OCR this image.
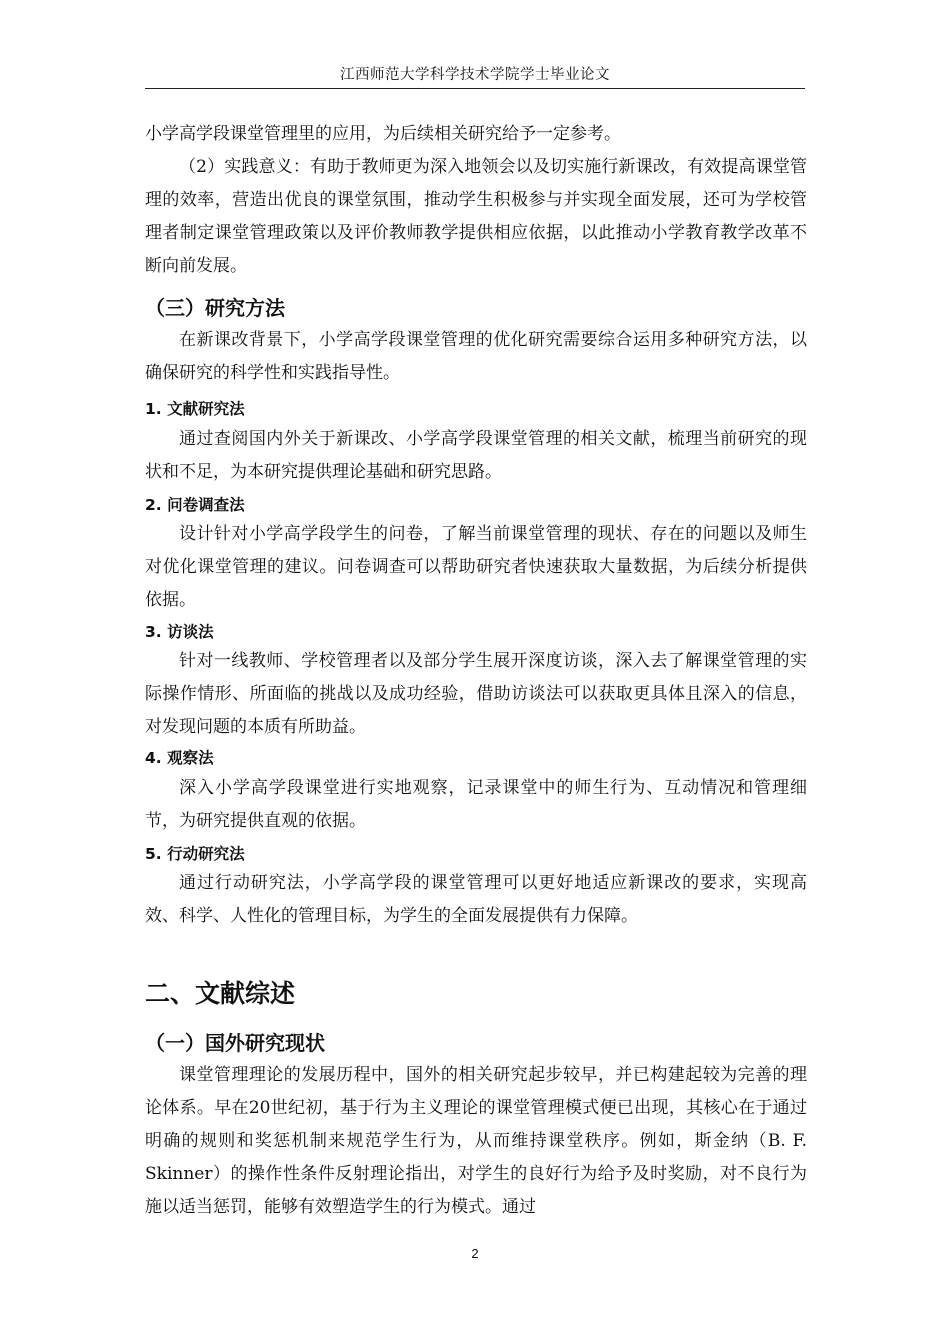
江西师范大学科学技术学院学士毕业论文

小学高学段课堂管理里的应用，为后续相关研究给予一定参考。

（2）实践意义：有助于教师更为深入地领会以及切实施行新课改，有效提高课堂管理的效率，营造出优良的课堂氛围，推动学生积极参与并实现全面发展，还可为学校管理者制定课堂管理政策以及评价教师教学提供相应依据，以此推动小学教育教学改革不断向前发展。

（三）研究方法

在新课改背景下，小学高学段课堂管理的优化研究需要综合运用多种研究方法，以确保研究的科学性和实践指导性。

1. 文献研究法

通过查阅国内外关于新课改、小学高学段课堂管理的相关文献，梳理当前研究的现状和不足，为本研究提供理论基础和研究思路。

2. 问卷调查法

设计针对小学高学段学生的问卷，了解当前课堂管理的现状、存在的问题以及师生对优化课堂管理的建议。问卷调查可以帮助研究者快速获取大量数据，为后续分析提供依据。

3. 访谈法

针对一线教师、学校管理者以及部分学生展开深度访谈，深入去了解课堂管理的实际操作情形、所面临的挑战以及成功经验，借助访谈法可以获取更具体且深入的信息，对发现问题的本质有所助益。

4. 观察法

深入小学高学段课堂进行实地观察，记录课堂中的师生行为、互动情况和管理细节，为研究提供直观的依据。

5. 行动研究法

通过行动研究法，小学高学段的课堂管理可以更好地适应新课改的要求，实现高效、科学、人性化的管理目标，为学生的全面发展提供有力保障。

二、文献综述
（一）国外研究现状

课堂管理理论的发展历程中，国外的相关研究起步较早，并已构建起较为完善的理论体系。早在20世纪初，基于行为主义理论的课堂管理模式便已出现，其核心在于通过明确的规则和奖惩机制来规范学生行为，从而维持课堂秩序。例如，斯金纳（B. F. Skinner）的操作性条件反射理论指出，对学生的良好行为给予及时奖励，对不良行为施以适当惩罚，能够有效塑造学生的行为模式。通过

2
